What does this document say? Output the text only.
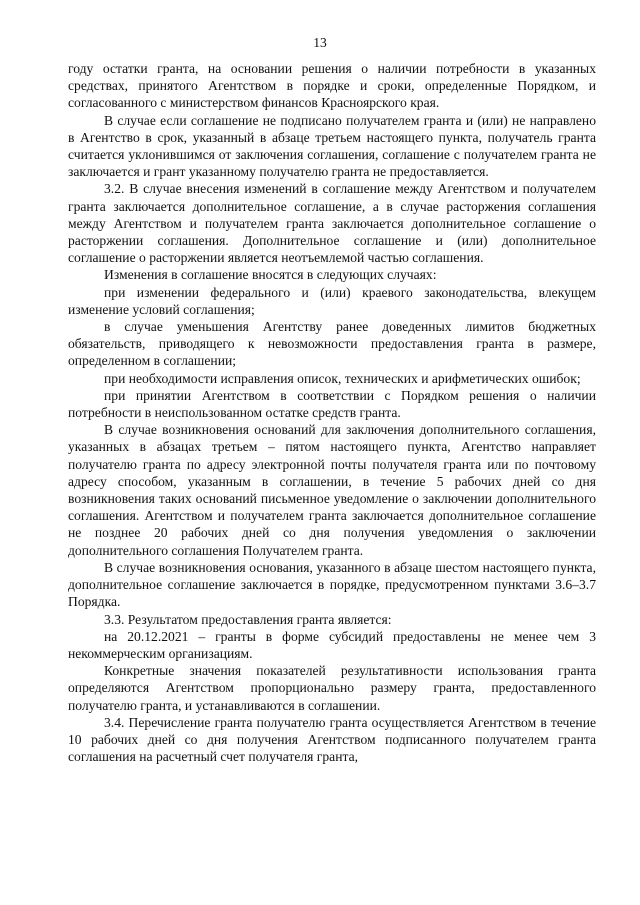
13

году остатки гранта, на основании решения о наличии потребности в указанных средствах, принятого Агентством в порядке и сроки, определенные Порядком, и согласованного с министерством финансов Красноярского края.

В случае если соглашение не подписано получателем гранта и (или) не направлено в Агентство в срок, указанный в абзаце третьем настоящего пункта, получатель гранта считается уклонившимся от заключения соглашения, соглашение с получателем гранта не заключается и грант указанному получателю гранта не предоставляется.

3.2. В случае внесения изменений в соглашение между Агентством и получателем гранта заключается дополнительное соглашение, а в случае расторжения соглашения между Агентством и получателем гранта заключается дополнительное соглашение о расторжении соглашения. Дополнительное соглашение и (или) дополнительное соглашение о расторжении является неотъемлемой частью соглашения.

Изменения в соглашение вносятся в следующих случаях:

при изменении федерального и (или) краевого законодательства, влекущем изменение условий соглашения;

в случае уменьшения Агентству ранее доведенных лимитов бюджетных обязательств, приводящего к невозможности предоставления гранта в размере, определенном в соглашении;

при необходимости исправления описок, технических и арифметических ошибок;

при принятии Агентством в соответствии с Порядком решения о наличии потребности в неиспользованном остатке средств гранта.

В случае возникновения оснований для заключения дополнительного соглашения, указанных в абзацах третьем – пятом настоящего пункта, Агентство направляет получателю гранта по адресу электронной почты получателя гранта или по почтовому адресу способом, указанным в соглашении, в течение 5 рабочих дней со дня возникновения таких оснований письменное уведомление о заключении дополнительного соглашения. Агентством и получателем гранта заключается дополнительное соглашение не позднее 20 рабочих дней со дня получения уведомления о заключении дополнительного соглашения Получателем гранта.

В случае возникновения основания, указанного в абзаце шестом настоящего пункта, дополнительное соглашение заключается в порядке, предусмотренном пунктами 3.6–3.7 Порядка.

3.3. Результатом предоставления гранта является:

на 20.12.2021 – гранты в форме субсидий предоставлены не менее чем 3 некоммерческим организациям.

Конкретные значения показателей результативности использования гранта определяются Агентством пропорционально размеру гранта, предоставленного получателю гранта, и устанавливаются в соглашении.

3.4. Перечисление гранта получателю гранта осуществляется Агентством в течение 10 рабочих дней со дня получения Агентством подписанного получателем гранта соглашения на расчетный счет получателя гранта,
